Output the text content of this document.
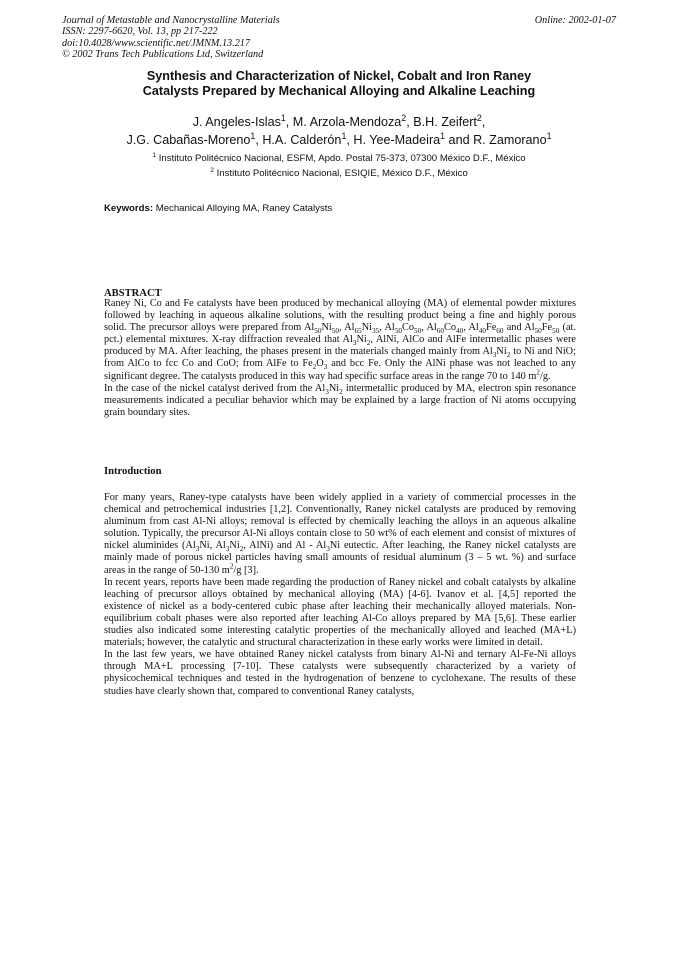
Journal of Metastable and Nanocrystalline Materials
ISSN: 2297-6620, Vol. 13, pp 217-222
doi:10.4028/www.scientific.net/JMNM.13.217
© 2002 Trans Tech Publications Ltd, Switzerland
Online: 2002-01-07
Synthesis and Characterization of Nickel, Cobalt and Iron Raney
Catalysts Prepared by Mechanical Alloying and Alkaline Leaching
J. Angeles-Islas$^1$, M. Arzola-Mendoza$^2$, B.H. Zeifert$^2$,
J.G. Cabañas-Moreno$^1$, H.A. Calderón$^1$, H. Yee-Madeira$^1$ and R. Zamorano$^1$
$^1$ Instituto Politécnico Nacional, ESFM, Apdo. Postal 75-373, 07300 México D.F., México
$^2$ Instituto Politécnico Nacional, ESIQIE, México D.F., México
Keywords: Mechanical Alloying MA, Raney Catalysts
ABSTRACT

Raney Ni, Co and Fe catalysts have been produced by mechanical alloying (MA) of elemental powder mixtures followed by leaching in aqueous alkaline solutions, with the resulting product being a fine and highly porous solid. The precursor alloys were prepared from $Al_{50}Ni_{50}$, $Al_{65}Ni_{35}$, $Al_{50}Co_{50}$, $Al_{60}Co_{40}$, $Al_{40}Fe_{60}$ and $Al_{50}Fe_{50}$ (at. pct.) elemental mixtures. X-ray diffraction revealed that $Al_3Ni_2$, AlNi, AlCo and AlFe intermetallic phases were produced by MA. After leaching, the phases present in the materials changed mainly from $Al_3Ni_2$ to Ni and NiO; from AlCo to fcc Co and CoO; from AlFe to $Fe_2O_3$ and bcc Fe. Only the AlNi phase was not leached to any significant degree. The catalysts produced in this way had specific surface areas in the range 70 to 140 $m^2/g$.

In the case of the nickel catalyst derived from the $Al_3Ni_2$ intermetallic produced by MA, electron spin resonance measurements indicated a peculiar behavior which may be explained by a large fraction of Ni atoms occupying grain boundary sites.

Introduction

For many years, Raney-type catalysts have been widely applied in a variety of commercial processes in the chemical and petrochemical industries [1,2]. Conventionally, Raney nickel catalysts are produced by removing aluminum from cast Al-Ni alloys; removal is effected by chemically leaching the alloys in an aqueous alkaline solution. Typically, the precursor Al-Ni alloys contain close to 50 wt% of each element and consist of mixtures of nickel aluminides ($Al_3Ni$, $Al_3Ni_2$, AlNi) and Al - $Al_3Ni$ eutectic. After leaching, the Raney nickel catalysts are mainly made of porous nickel particles having small amounts of residual aluminum (3 – 5 wt. %) and surface areas in the range of 50-130 $m^2/g$ [3].

In recent years, reports have been made regarding the production of Raney nickel and cobalt catalysts by alkaline leaching of precursor alloys obtained by mechanical alloying (MA) [4-6]. Ivanov et al. [4,5] reported the existence of nickel as a body-centered cubic phase after leaching their mechanically alloyed materials. Non-equilibrium cobalt phases were also reported after leaching Al-Co alloys prepared by MA [5,6]. These earlier studies also indicated some interesting catalytic properties of the mechanically alloyed and leached (MA+L) materials; however, the catalytic and structural characterization in these early works were limited in detail.

In the last few years, we have obtained Raney nickel catalysts from binary Al-Ni and ternary Al-Fe-Ni alloys through MA+L processing [7-10]. These catalysts were subsequently characterized by a variety of physicochemical techniques and tested in the hydrogenation of benzene to cyclohexane. The results of these studies have clearly shown that, compared to conventional Raney catalysts,
